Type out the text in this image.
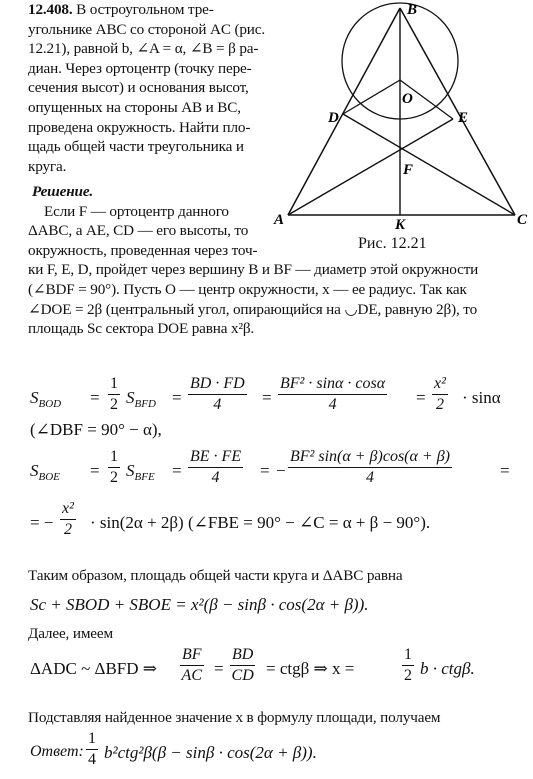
12.408. В остроугольном тре-
угольнике ABC со стороной AC (рис.
12.21), равной b, ∠A = α, ∠B = β ра-
диан. Через ортоцентр (точку пере-
сечения высот) и основания высот,
опущенных на стороны AB и BC,
проведена окружность. Найти пло-
щадь общей части треугольника и
круга.
Решение.
Если F — ортоцентр данного
ΔABC, а AE, CD — его высоты, то
окружность, проведенная через точ-
ки F, E, D, пройдет через вершину B и BF — диаметр этой окружности
(∠BDF = 90°). Пусть O — центр окружности, x — ее радиус. Так как
∠DOE = 2β (центральный угол, опирающийся на ◡DE, равную 2β), то
площадь Sc сектора DOE равна x²β.
B
O
D	E
F
K
A	C
Рис. 12.21
$S_{BOD} = \frac{1}{2} S_{BFD} = \frac{BD \cdot FD}{4} = \frac{\text{BF² · sinα · cosα}}{4} = \frac{\text{x²}}{2} \cdot \sin\alpha$
(∠DBF = 90° − α),
$S_{BOE} = \frac{1}{2} S_{BFE} = \frac{BE \cdot FE}{4}$ = − $\frac{\text{BF² sin(α + β)cos(α + β)}}{4}$	=
= − $\frac{\text{x²}}{2} \cdot \sin(2\alpha + 2\beta)$ (∠FBE = 90° − ∠C = α + β − 90°).
Таким образом, площадь общей части круга и ΔABC равна
Sc + SBOD + SBOE = x²(β − sinβ · cos(2α + β)).
Далее, имеем
ΔADC ~ ΔBFD ⇒ $\frac{BF}{AC} = \frac{BD}{CD} = ctg\beta$ ⇒ x =	$\frac{1}{2}$ b · ctgβ.
Подставляя найденное значение x в формулу площади, получаем
Ответ: $\frac{1}{4} b^2ctg^2\beta(\beta - \sin\beta \cdot \cos(2\alpha + \beta))$.
